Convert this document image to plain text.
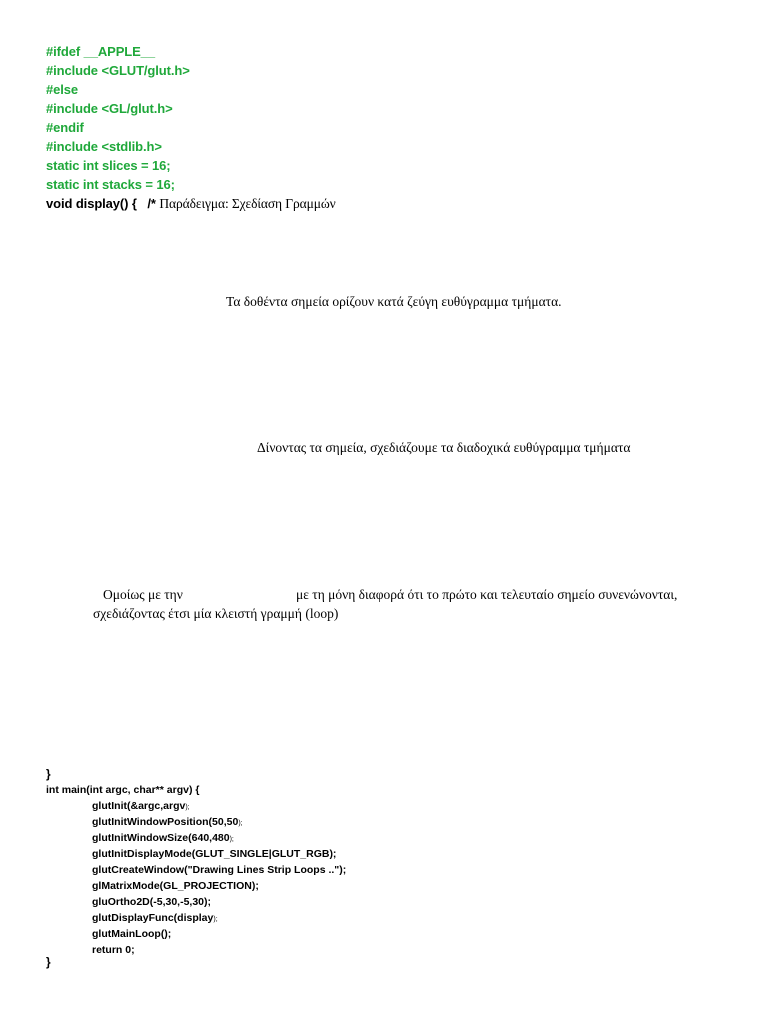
#ifdef __APPLE__
#include <GLUT/glut.h>
#else
#include <GL/glut.h>
#endif
#include <stdlib.h>
static int slices = 16;
static int stacks = 16;
void display() {   /* Παράδειγμα: Σχεδίαση Γραμμών
Τα δοθέντα σημεία ορίζουν κατά ζεύγη ευθύγραμμα τμήματα.
Δίνοντας τα σημεία, σχεδιάζουμε τα διαδοχικά ευθύγραμμα τμήματα
Ομοίως με την	με τη μόνη διαφορά ότι το πρώτο και τελευταίο σημείο συνενώνονται,
σχεδιάζοντας έτσι μία κλειστή γραμμή (loop)
}
int main(int argc, char** argv) {
glutInit(&argc,argv);
glutInitWindowPosition(50,50);
glutInitWindowSize(640,480);
glutInitDisplayMode(GLUT_SINGLE|GLUT_RGB);
glutCreateWindow("Drawing Lines Strip Loops ..");
glMatrixMode(GL_PROJECTION);
gluOrtho2D(-5,30,-5,30);
glutDisplayFunc(display);
glutMainLoop();
return 0;
}
